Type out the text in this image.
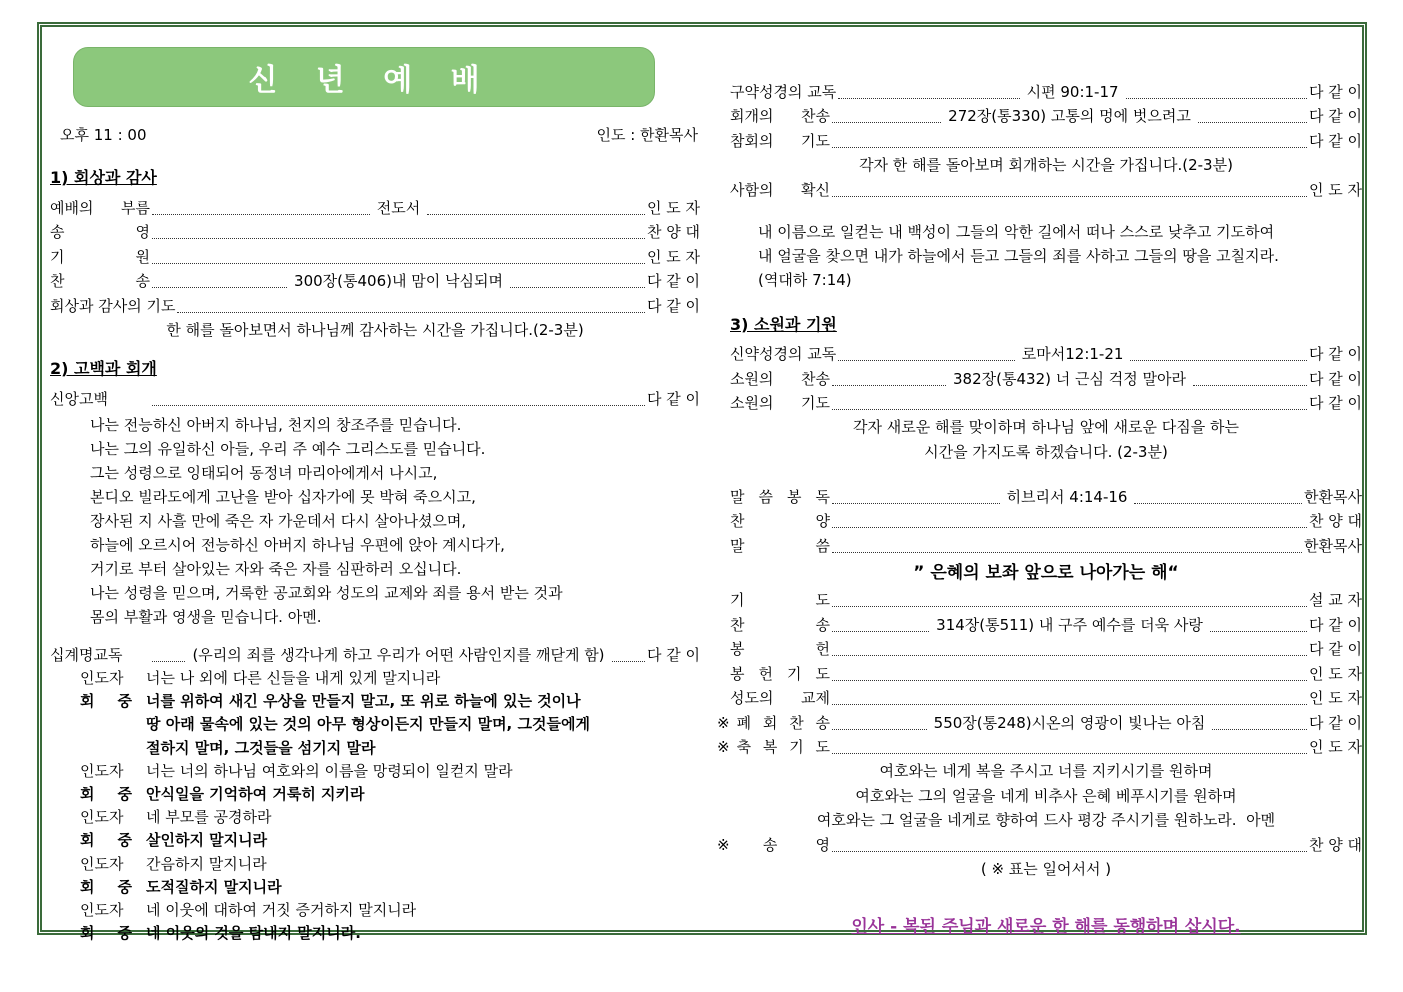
신 년 예 배
오후 11 : 00	인도 : 한환목사
1) 회상과 감사
예배의 부름	전도서	인 도 자
송 영	찬 양 대
기 원	인 도 자
찬 송	300장(통406)내 맘이 낙심되며	다 같 이
회상과 감사의 기도	다 같 이
한 해를 돌아보면서 하나님께 감사하는 시간을 가집니다.(2-3분)
2) 고백과 회개
신앙고백	다 같 이
나는 전능하신 아버지 하나님, 천지의 창조주를 믿습니다.
나는 그의 유일하신 아들, 우리 주 예수 그리스도를 믿습니다.
그는 성령으로 잉태되어 동정녀 마리아에게서 나시고,
본디오 빌라도에게 고난을 받아 십자가에 못 박혀 죽으시고,
장사된 지 사흘 만에 죽은 자 가운데서 다시 살아나셨으며,
하늘에 오르시어 전능하신 아버지 하나님 우편에 앉아 계시다가,
거기로 부터 살아있는 자와 죽은 자를 심판하러 오십니다.
나는 성령을 믿으며, 거룩한 공교회와 성도의 교제와 죄를 용서 받는 것과
몸의 부활과 영생을 믿습니다. 아멘.
십계명교독	(우리의 죄를 생각나게 하고 우리가 어떤 사람인지를 깨닫게 함)	다 같 이
인도자	너는 나 외에 다른 신들을 내게 있게 말지니라
회 중 너를 위하여 새긴 우상을 만들지 말고, 또 위로 하늘에 있는 것이나
땅 아래 물속에 있는 것의 아무 형상이든지 만들지 말며, 그것들에게
절하지 말며, 그것들을 섬기지 말라
인도자	너는 너의 하나님 여호와의 이름을 망령되이 일컫지 말라
회 중 안식일을 기억하여 거룩히 지키라
인도자	네 부모를 공경하라
회 중 살인하지 말지니라
인도자	간음하지 말지니라
회 중 도적질하지 말지니라
인도자	네 이웃에 대하여 거짓 증거하지 말지니라
회 중 네 이웃의 것을 탐내지 말지니라.
구약성경의 교독	시편 90:1-17	다 같 이
회개의 찬송	272장(통330) 고통의 멍에 벗으려고	다 같 이
참회의 기도	다 같 이
각자 한 해를 돌아보며 회개하는 시간을 가집니다.(2-3분)
사함의 확신	인 도 자
내 이름으로 일컫는 내 백성이 그들의 악한 길에서 떠나 스스로 낮추고 기도하여
내 얼굴을 찾으면 내가 하늘에서 듣고 그들의 죄를 사하고 그들의 땅을 고칠지라.
(역대하 7:14)
3) 소원과 기원
신약성경의 교독	로마서12:1-21	다 같 이
소원의 찬송	382장(통432) 너 근심 걱정 말아라	다 같 이
소원의 기도	다 같 이
각자 새로운 해를 맞이하며 하나님 앞에 새로운 다짐을 하는
시간을 가지도록 하겠습니다. (2-3분)
말 씀 봉 독	히브리서 4:14-16	한환목사
찬 양	찬 양 대
말 씀	한환목사
” 은혜의 보좌 앞으로 나아가는 해“
기 도	설 교 자
찬 송	314장(통511) 내 구주 예수를 더욱 사랑	다 같 이
봉 헌	다 같 이
봉 헌 기 도	인 도 자
성도의 교제	인 도 자
※폐 회 찬 송	550장(통248)시온의 영광이 빛나는 아침	다 같 이
※축 복 기 도	인 도 자
여호와는 네게 복을 주시고 너를 지키시기를 원하며
여호와는 그의 얼굴을 네게 비추사 은혜 베푸시기를 원하며
여호와는 그 얼굴을 네게로 향하여 드사 평강 주시기를 원하노라.  아멘
※송 영	찬 양 대
( ※ 표는 일어서서 )
인사 - 복된 주님과 새로운 한 해를 동행하며 삽시다.
